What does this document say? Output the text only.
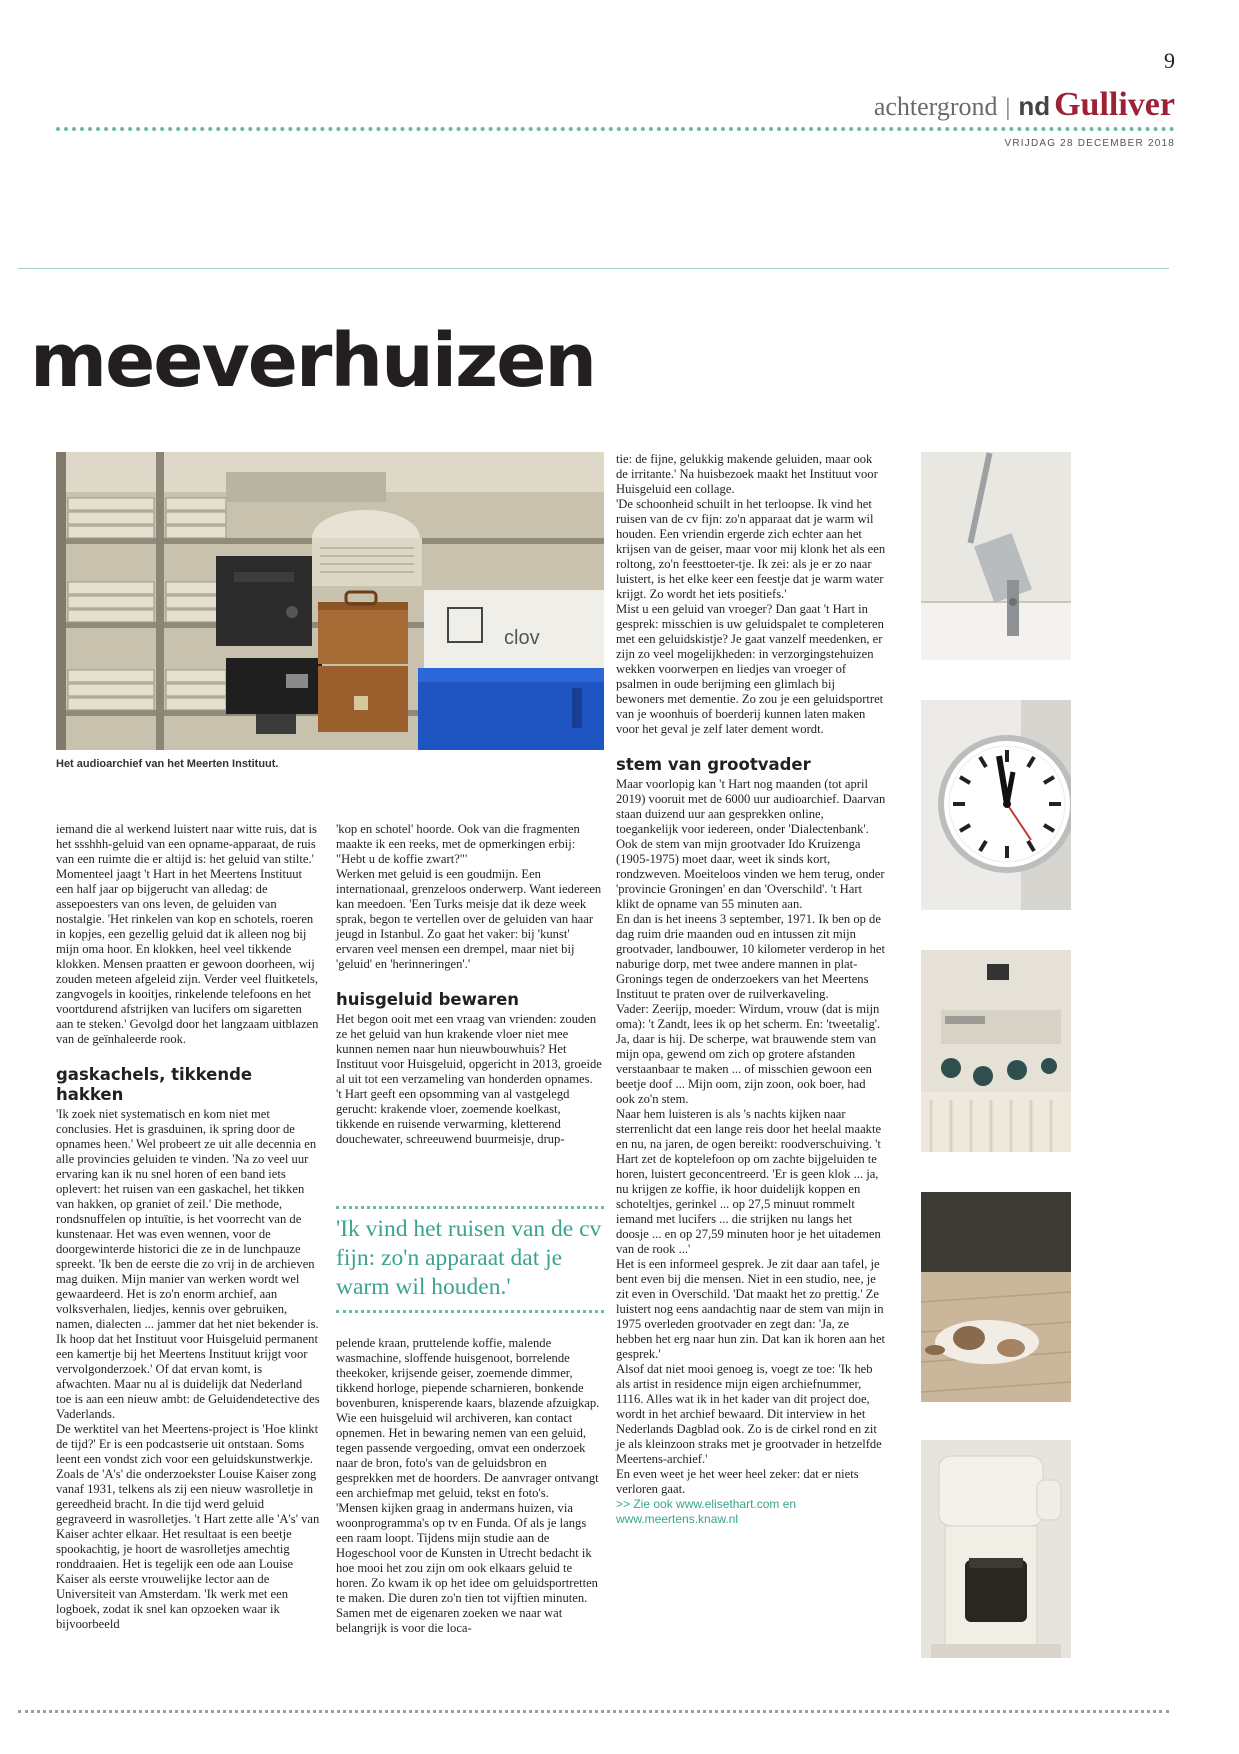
9
achtergrond | nd Gulliver
VRIJDAG 28 DECEMBER 2018
meeverhuizen
clov
Het audioarchief van het Meerten Instituut.

iemand die al werkend luistert naar witte ruis, dat is het ssshhh-geluid van een opname-apparaat, de ruis van een ruimte die er altijd is: het geluid van stilte.'

Momenteel jaagt 't Hart in het Meertens Instituut een half jaar op bijgerucht van alledag: de assepoesters van ons leven, de geluiden van nostalgie. 'Het rinkelen van kop en schotels, roeren in kopjes, een gezellig geluid dat ik alleen nog bij mijn oma hoor. En klokken, heel veel tikkende klokken. Mensen praatten er gewoon doorheen, wij zouden meteen afgeleid zijn. Verder veel fluitketels, zangvogels in kooitjes, rinkelende telefoons en het voortdurend afstrijken van lucifers om sigaretten aan te steken.' Gevolgd door het langzaam uitblazen van de geïnhaleerde rook.

gaskachels, tikkende hakken

'Ik zoek niet systematisch en kom niet met conclusies. Het is grasduinen, ik spring door de opnames heen.' Wel probeert ze uit alle decennia en alle provincies geluiden te vinden. 'Na zo veel uur ervaring kan ik nu snel horen of een band iets oplevert: het ruisen van een gaskachel, het tikken van hakken, op graniet of zeil.' Die methode, rondsnuffelen op intuïtie, is het voorrecht van de kunstenaar. Het was even wennen, voor de doorgewinterde historici die ze in de lunchpauze spreekt. 'Ik ben de eerste die zo vrij in de archieven mag duiken. Mijn manier van werken wordt wel gewaardeerd. Het is zo'n enorm archief, aan volksverhalen, liedjes, kennis over gebruiken, namen, dialecten ... jammer dat het niet bekender is. Ik hoop dat het Instituut voor Huisgeluid permanent een kamertje bij het Meertens Instituut krijgt voor vervolgonderzoek.' Of dat ervan komt, is afwachten. Maar nu al is duidelijk dat Nederland toe is aan een nieuw ambt: de Geluidendetective des Vaderlands.

De werktitel van het Meertens-project is 'Hoe klinkt de tijd?' Er is een podcastserie uit ontstaan. Soms leent een vondst zich voor een geluidskunstwerkje. Zoals de 'A's' die onderzoekster Louise Kaiser zong vanaf 1931, telkens als zij een nieuw wasrolletje in gereedheid bracht. In die tijd werd geluid gegraveerd in wasrolletjes. 't Hart zette alle 'A's' van Kaiser achter elkaar. Het resultaat is een beetje spookachtig, je hoort de wasrolletjes amechtig ronddraaien. Het is tegelijk een ode aan Louise Kaiser als eerste vrouwelijke lector aan de Universiteit van Amsterdam. 'Ik werk met een logboek, zodat ik snel kan opzoeken waar ik bijvoorbeeld

'kop en schotel' hoorde. Ook van die fragmenten maakte ik een reeks, met de opmerkingen erbij: "Hebt u de koffie zwart?"'

Werken met geluid is een goudmijn. Een internationaal, grenzeloos onderwerp. Want iedereen kan meedoen. 'Een Turks meisje dat ik deze week sprak, begon te vertellen over de geluiden van haar jeugd in Istanbul. Zo gaat het vaker: bij 'kunst' ervaren veel mensen een drempel, maar niet bij 'geluid' en 'herinneringen'.'

huisgeluid bewaren

Het begon ooit met een vraag van vrienden: zouden ze het geluid van hun krakende vloer niet mee kunnen nemen naar hun nieuwbouwhuis? Het Instituut voor Huisgeluid, opgericht in 2013, groeide al uit tot een verzameling van honderden opnames.

't Hart geeft een opsomming van al vastgelegd gerucht: krakende vloer, zoemende koelkast, tikkende en ruisende verwarming, kletterend douchewater, schreeuwend buurmeisje, drup-

'Ik vind het ruisen van de cv fijn: zo'n apparaat dat je warm wil houden.'

pelende kraan, pruttelende koffie, malende wasmachine, sloffende huisgenoot, borrelende theekoker, krijsende geiser, zoemende dimmer, tikkend horloge, piepende scharnieren, bonkende bovenburen, knisperende kaars, blazende afzuigkap.

Wie een huisgeluid wil archiveren, kan contact opnemen. Het in bewaring nemen van een geluid, tegen passende vergoeding, omvat een onderzoek naar de bron, foto's van de geluidsbron en gesprekken met de hoorders. De aanvrager ontvangt een archiefmap met geluid, tekst en foto's.

'Mensen kijken graag in andermans huizen, via woonprogramma's op tv en Funda. Of als je langs een raam loopt. Tijdens mijn studie aan de Hogeschool voor de Kunsten in Utrecht bedacht ik hoe mooi het zou zijn om ook elkaars geluid te horen. Zo kwam ik op het idee om geluidsportretten te maken. Die duren zo'n tien tot vijftien minuten. Samen met de eigenaren zoeken we naar wat belangrijk is voor die loca-

tie: de fijne, gelukkig makende geluiden, maar ook de irritante.' Na huisbezoek maakt het Instituut voor Huisgeluid een collage.

'De schoonheid schuilt in het terloopse. Ik vind het ruisen van de cv fijn: zo'n apparaat dat je warm wil houden. Een vriendin ergerde zich echter aan het krijsen van de geiser, maar voor mij klonk het als een roltong, zo'n feesttoeter-tje. Ik zei: als je er zo naar luistert, is het elke keer een feestje dat je warm water krijgt. Zo wordt het iets positiefs.'

Mist u een geluid van vroeger? Dan gaat 't Hart in gesprek: misschien is uw geluidspalet te completeren met een geluidskistje? Je gaat vanzelf meedenken, er zijn zo veel mogelijkheden: in verzorgingstehuizen wekken voorwerpen en liedjes van vroeger of psalmen in oude berijming een glimlach bij bewoners met dementie. Zo zou je een geluidsportret van je woonhuis of boerderij kunnen laten maken voor het geval je zelf later dement wordt.

stem van grootvader

Maar voorlopig kan 't Hart nog maanden (tot april 2019) vooruit met de 6000 uur audioarchief. Daarvan staan duizend uur aan gesprekken online, toegankelijk voor iedereen, onder 'Dialectenbank'. Ook de stem van mijn grootvader Ido Kruizenga (1905-1975) moet daar, weet ik sinds kort, rondzweven. Moeiteloos vinden we hem terug, onder 'provincie Groningen' en dan 'Overschild'. 't Hart klikt de opname van 55 minuten aan.

En dan is het ineens 3 september, 1971. Ik ben op de dag ruim drie maanden oud en intussen zit mijn grootvader, landbouwer, 10 kilometer verderop in het naburige dorp, met twee andere mannen in plat-Gronings tegen de onderzoekers van het Meertens Instituut te praten over de ruilverkaveling.

Vader: Zeerijp, moeder: Wirdum, vrouw (dat is mijn oma): 't Zandt, lees ik op het scherm. En: 'tweetalig'. Ja, daar is hij. De scherpe, wat brauwende stem van mijn opa, gewend om zich op grotere afstanden verstaanbaar te maken ... of misschien gewoon een beetje doof ... Mijn oom, zijn zoon, ook boer, had ook zo'n stem.

Naar hem luisteren is als 's nachts kijken naar sterrenlicht dat een lange reis door het heelal maakte en nu, na jaren, de ogen bereikt: roodverschuiving. 't Hart zet de koptelefoon op om zachte bijgeluiden te horen, luistert geconcentreerd. 'Er is geen klok ... ja, nu krijgen ze koffie, ik hoor duidelijk koppen en schoteltjes, gerinkel ... op 27,5 minuut rommelt iemand met lucifers ... die strijken nu langs het doosje ... en op 27,59 minuten hoor je het uitademen van de rook ...'

Het is een informeel gesprek. Je zit daar aan tafel, je bent even bij die mensen. Niet in een studio, nee, je zit even in Overschild. 'Dat maakt het zo prettig.' Ze luistert nog eens aandachtig naar de stem van mijn in 1975 overleden grootvader en zegt dan: 'Ja, ze hebben het erg naar hun zin. Dat kan ik horen aan het gesprek.'

Alsof dat niet mooi genoeg is, voegt ze toe: 'Ik heb als artist in residence mijn eigen archiefnummer, 1116. Alles wat ik in het kader van dit project doe, wordt in het archief bewaard. Dit interview in het Nederlands Dagblad ook. Zo is de cirkel rond en zit je als kleinzoon straks met je grootvader in hetzelfde Meertens-archief.'

En even weet je het weer heel zeker: dat er niets verloren gaat.

>> Zie ook www.elisethart.com en

www.meertens.knaw.nl
